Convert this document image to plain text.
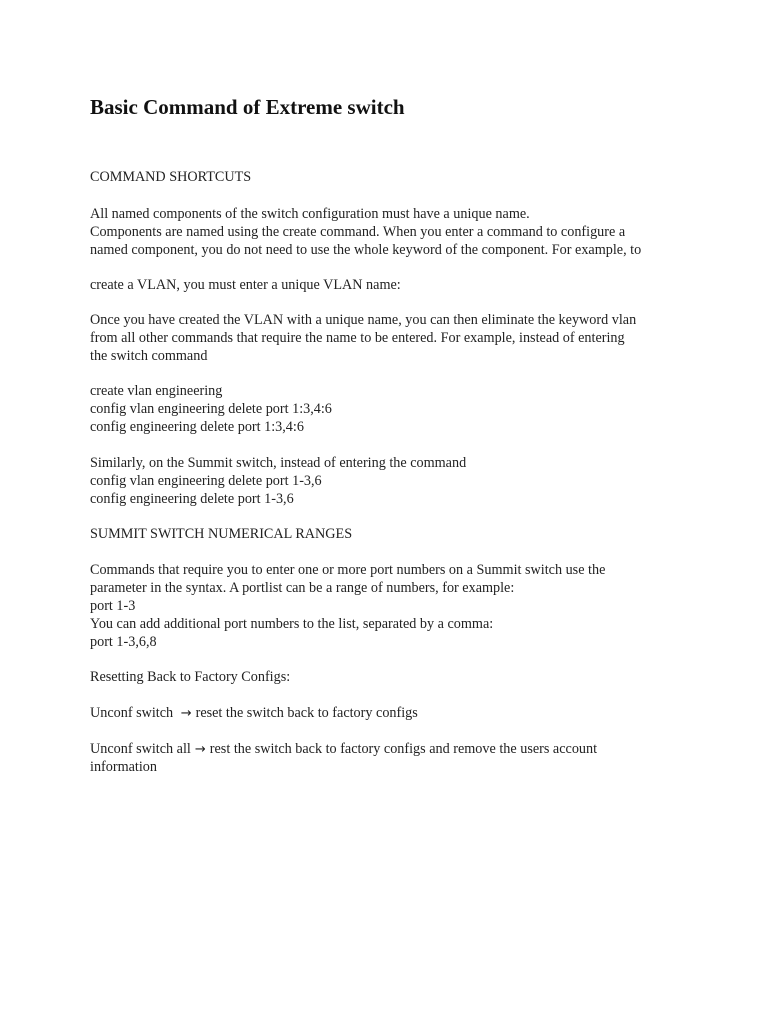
Basic Command of Extreme switch
COMMAND SHORTCUTS
All named components of the switch configuration must have a unique name.
Components are named using the create command. When you enter a command to configure a
named component, you do not need to use the whole keyword of the component. For example, to
create a VLAN, you must enter a unique VLAN name:
Once you have created the VLAN with a unique name, you can then eliminate the keyword vlan
from all other commands that require the name to be entered. For example, instead of entering
the switch command
create vlan engineering
config vlan engineering delete port 1:3,4:6
config engineering delete port 1:3,4:6
Similarly, on the Summit switch, instead of entering the command
config vlan engineering delete port 1-3,6
config engineering delete port 1-3,6
SUMMIT SWITCH NUMERICAL RANGES
Commands that require you to enter one or more port numbers on a Summit switch use the
parameter in the syntax. A portlist can be a range of numbers, for example:
port 1-3
You can add additional port numbers to the list, separated by a comma:
port 1-3,6,8
Resetting Back to Factory Configs:
Unconf switch → reset the switch back to factory configs
Unconf switch all → rest the switch back to factory configs and remove the users account
information
